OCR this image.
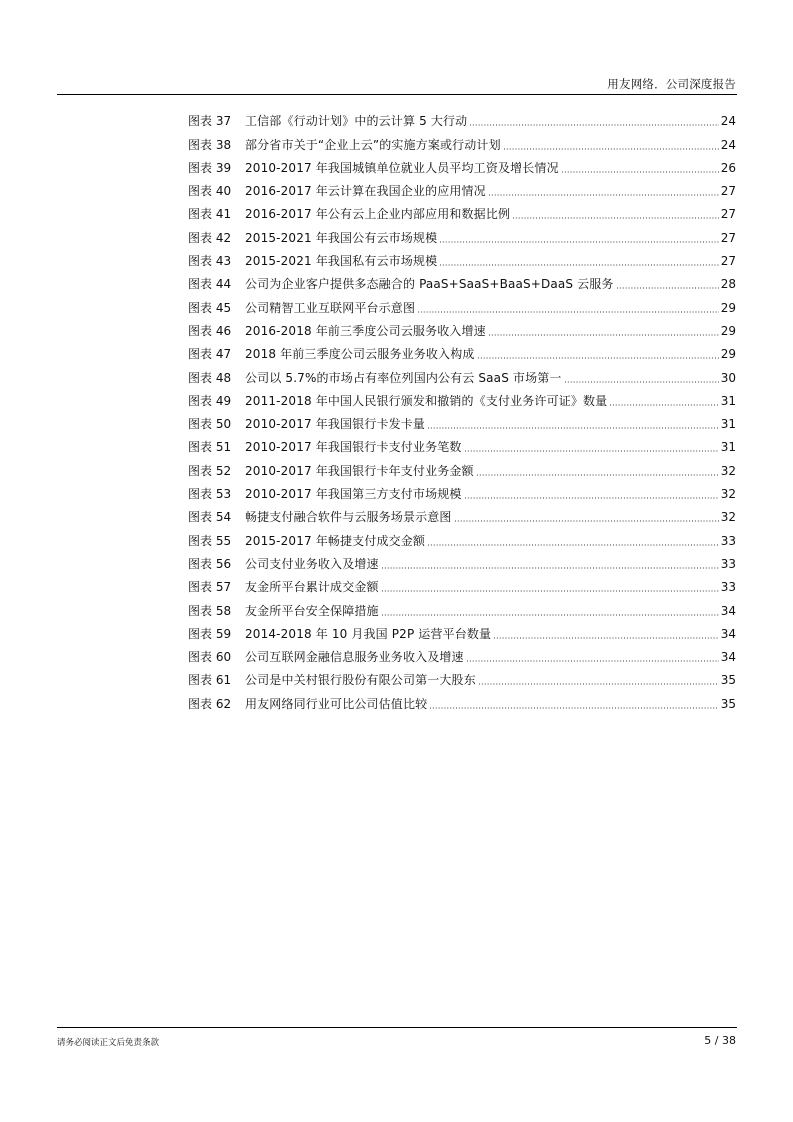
用友网络．公司深度报告
图表 37	工信部《行动计划》中的云计算 5 大行动	24
图表 38	部分省市关于“企业上云”的实施方案或行动计划	24
图表 39	2010-2017 年我国城镇单位就业人员平均工资及增长情况	26
图表 40	2016-2017 年云计算在我国企业的应用情况	27
图表 41	2016-2017 年公有云上企业内部应用和数据比例	27
图表 42	2015-2021 年我国公有云市场规模	27
图表 43	2015-2021 年我国私有云市场规模	27
图表 44	公司为企业客户提供多态融合的 PaaS+SaaS+BaaS+DaaS 云服务	28
图表 45	公司精智工业互联网平台示意图	29
图表 46	2016-2018 年前三季度公司云服务收入增速	29
图表 47	2018 年前三季度公司云服务业务收入构成	29
图表 48	公司以 5.7%的市场占有率位列国内公有云 SaaS 市场第一	30
图表 49	2011-2018 年中国人民银行颁发和撤销的《支付业务许可证》数量	31
图表 50	2010-2017 年我国银行卡发卡量	31
图表 51	2010-2017 年我国银行卡支付业务笔数	31
图表 52	2010-2017 年我国银行卡年支付业务金额	32
图表 53	2010-2017 年我国第三方支付市场规模	32
图表 54	畅捷支付融合软件与云服务场景示意图	32
图表 55	2015-2017 年畅捷支付成交金额	33
图表 56	公司支付业务收入及增速	33
图表 57	友金所平台累计成交金额	33
图表 58	友金所平台安全保障措施	34
图表 59	2014-2018 年 10 月我国 P2P 运营平台数量	34
图表 60	公司互联网金融信息服务业务收入及增速	34
图表 61	公司是中关村银行股份有限公司第一大股东	35
图表 62	用友网络同行业可比公司估值比较	35
请务必阅读正文后免责条款	5 / 38
